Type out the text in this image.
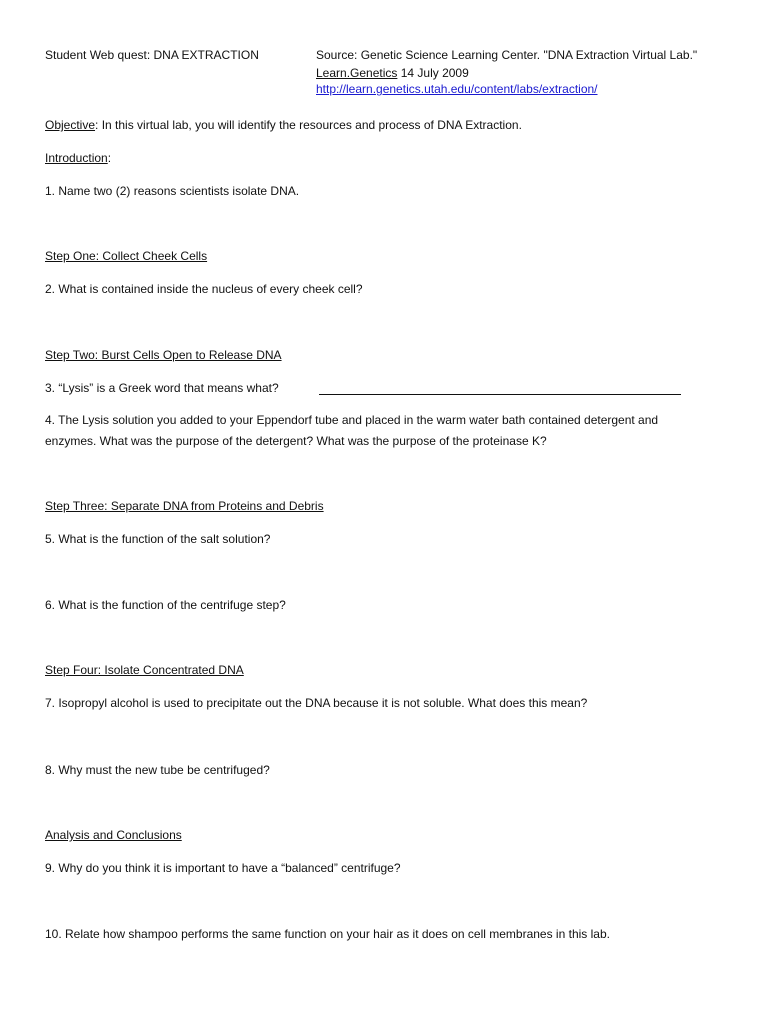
Student Web quest: DNA EXTRACTION	Source: Genetic Science Learning Center. "DNA Extraction Virtual Lab."
Learn.Genetics 14 July 2009
http://learn.genetics.utah.edu/content/labs/extraction/
Objective: In this virtual lab, you will identify the resources and process of DNA Extraction.
Introduction:
1. Name two (2) reasons scientists isolate DNA.
Step One: Collect Cheek Cells
2. What is contained inside the nucleus of every cheek cell?
Step Two: Burst Cells Open to Release DNA
3. “Lysis” is a Greek word that means what?
4. The Lysis solution you added to your Eppendorf tube and placed in the warm water bath contained detergent and
enzymes. What was the purpose of the detergent? What was the purpose of the proteinase K?
Step Three: Separate DNA from Proteins and Debris
5. What is the function of the salt solution?
6. What is the function of the centrifuge step?
Step Four: Isolate Concentrated DNA
7. Isopropyl alcohol is used to precipitate out the DNA because it is not soluble. What does this mean?
8. Why must the new tube be centrifuged?
Analysis and Conclusions
9. Why do you think it is important to have a “balanced” centrifuge?
10. Relate how shampoo performs the same function on your hair as it does on cell membranes in this lab.
